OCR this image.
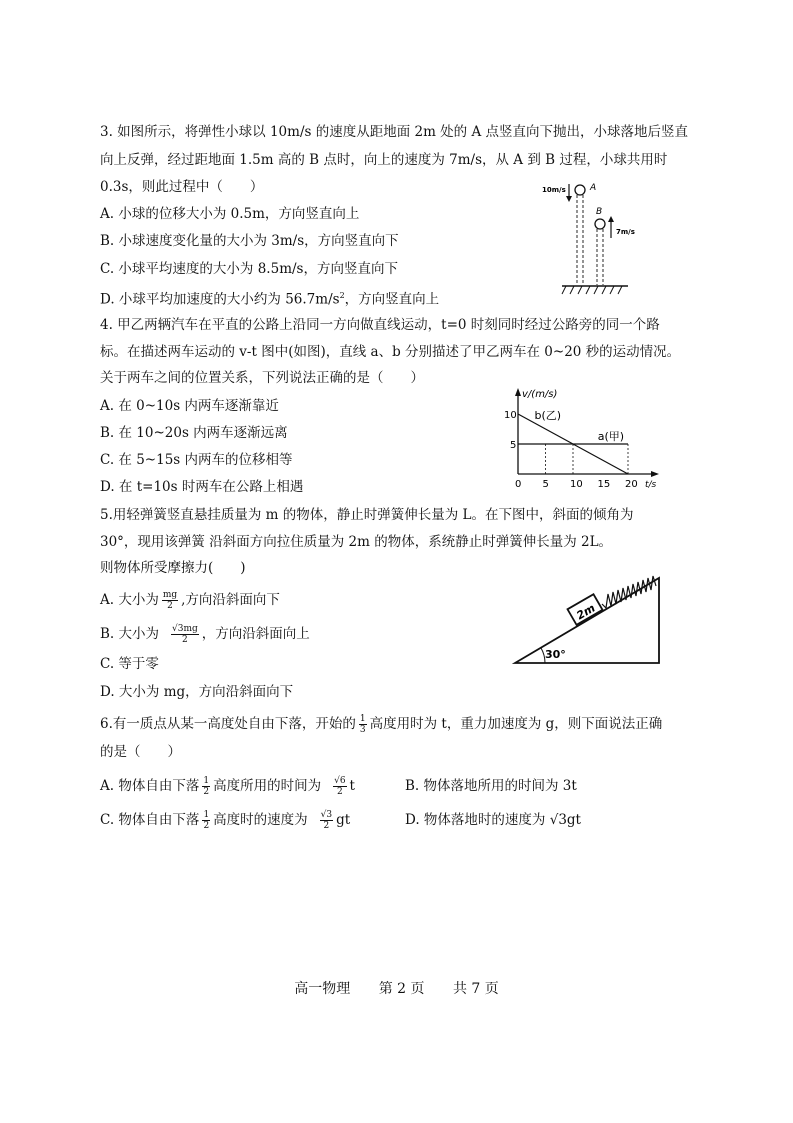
3. 如图所示，将弹性小球以 10m/s 的速度从距地面 2m 处的 A 点竖直向下抛出，小球落地后竖直
向上反弹，经过距地面 1.5m 高的 B 点时，向上的速度为 7m/s，从 A 到 B 过程，小球共用时
0.3s，则此过程中（　　）
A. 小球的位移大小为 0.5m，方向竖直向上
B. 小球速度变化量的大小为 3m/s，方向竖直向下
C. 小球平均速度的大小为 8.5m/s，方向竖直向下
D. 小球平均加速度的大小约为 $56.7m/s^2$，方向竖直向上
10m/s	A
B
7m/s
4. 甲乙两辆汽车在平直的公路上沿同一方向做直线运动，t=0 时刻同时经过公路旁的同一个路
标。在描述两车运动的 v-t 图中(如图)，直线 a、b 分别描述了甲乙两车在 0~20 秒的运动情况。
关于两车之间的位置关系，下列说法正确的是（　　）
A. 在 0~10s 内两车逐渐靠近
B. 在 10~20s 内两车逐渐远离
C. 在 5~15s 内两车的位移相等
D. 在 t=10s 时两车在公路上相遇
v/(m/s)
t/s
0 5 10 15 20
5
10
a(甲)
b(乙)
5.用轻弹簧竖直悬挂质量为 m 的物体，静止时弹簧伸长量为 L。在下图中，斜面的倾角为
30°，现用该弹簧 沿斜面方向拉住质量为 2m 的物体，系统静止时弹簧伸长量为 2L。
则物体所受摩擦力(　　)
A. 大小为 $\frac{mg}{2}$ ,方向沿斜面向下
B. 大小为 $\frac{√3mg}{2}$ ，方向沿斜面向上
C. 等于零
D. 大小为 mg，方向沿斜面向下
30°
2m
6.有一质点从某一高度处自由下落，开始的 $\frac{1}{3}$ 高度用时为 t，重力加速度为 g，则下面说法正确
的是（　　）
A. 物体自由下落 $\frac{1}{2}$ 高度所用的时间为 $\frac{√6}{2}$ t	B. 物体落地所用的时间为 3t
C. 物体自由下落 $\frac{1}{2}$ 高度时的速度为 $\frac{√3}{2}$ gt	D. 物体落地时的速度为 √3gt
高一物理 第 2 页 共 7 页
